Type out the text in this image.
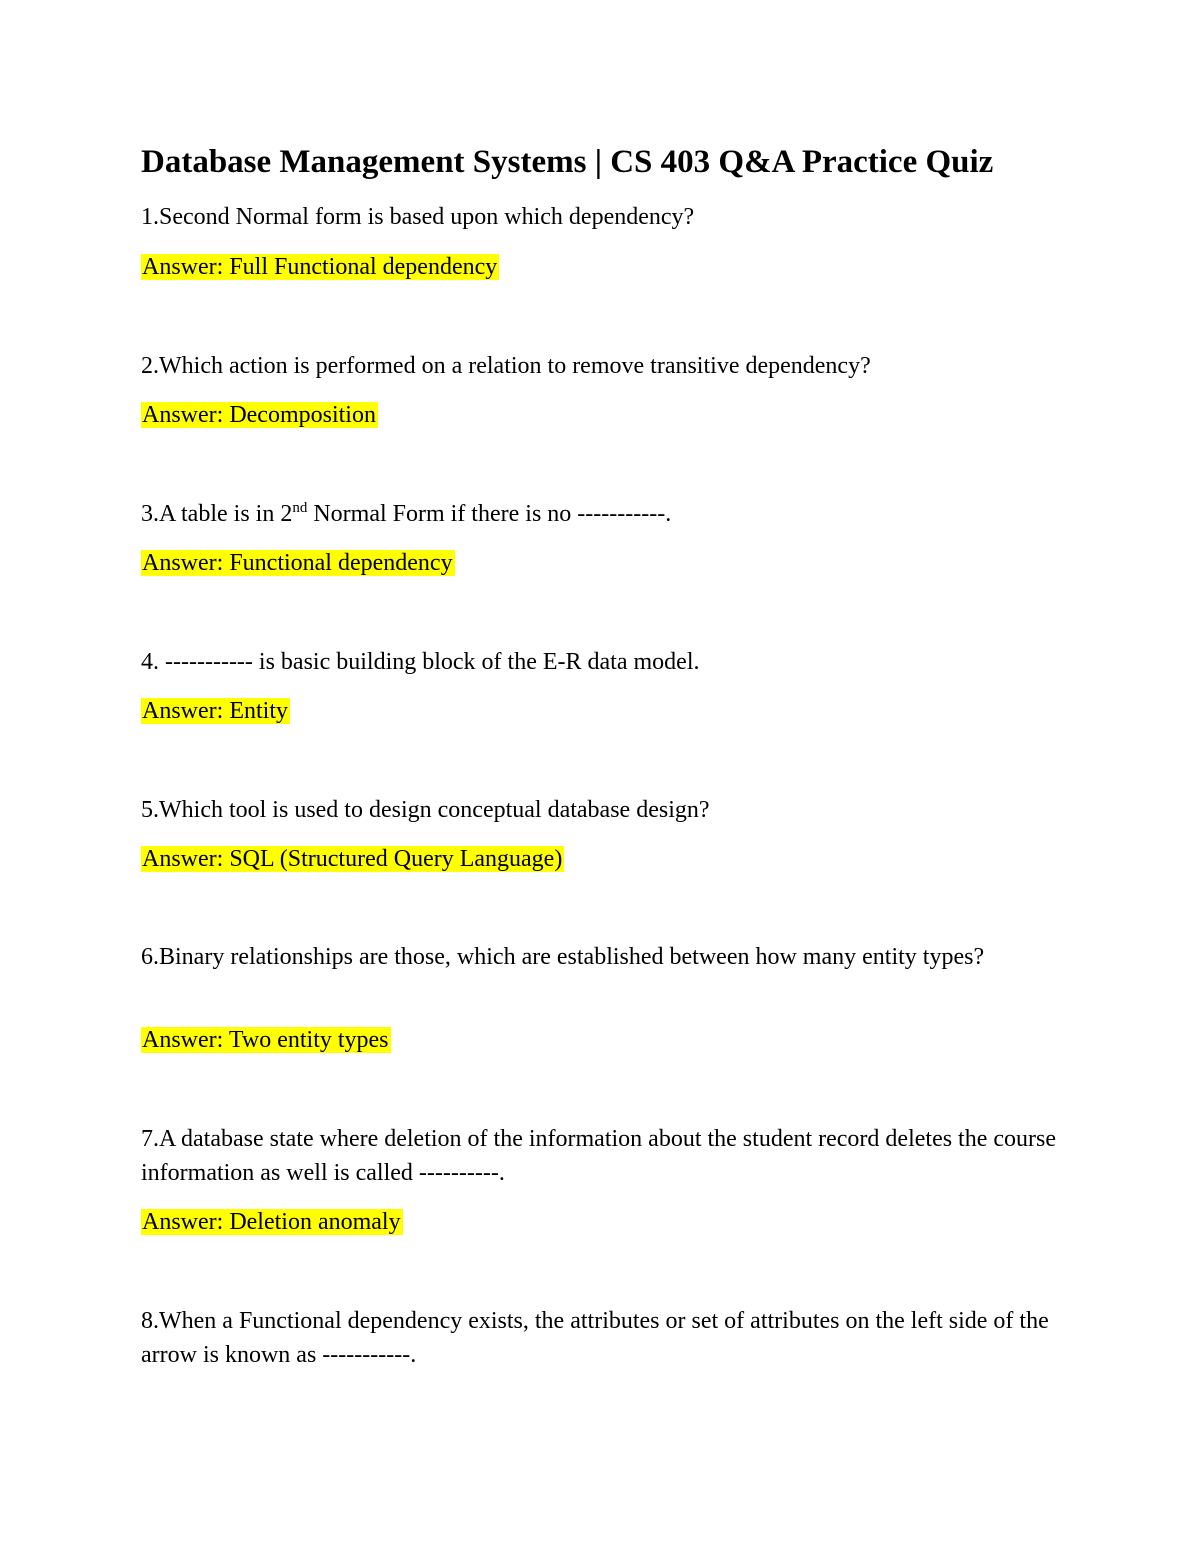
Database Management Systems | CS 403 Q&A Practice Quiz

1.Second Normal form is based upon which dependency?

Answer: Full Functional dependency

2.Which action is performed on a relation to remove transitive dependency?

Answer: Decomposition

3.A table is in 2nd Normal Form if there is no -----------.

Answer: Functional dependency

4. ----------- is basic building block of the E-R data model.

Answer: Entity

5.Which tool is used to design conceptual database design?

Answer: SQL (Structured Query Language)

6.Binary relationships are those, which are established between how many entity types?

Answer: Two entity types

7.A database state where deletion of the information about the student record deletes the course information as well is called ----------.

Answer: Deletion anomaly

8.When a Functional dependency exists, the attributes or set of attributes on the left side of the arrow is known as -----------.
